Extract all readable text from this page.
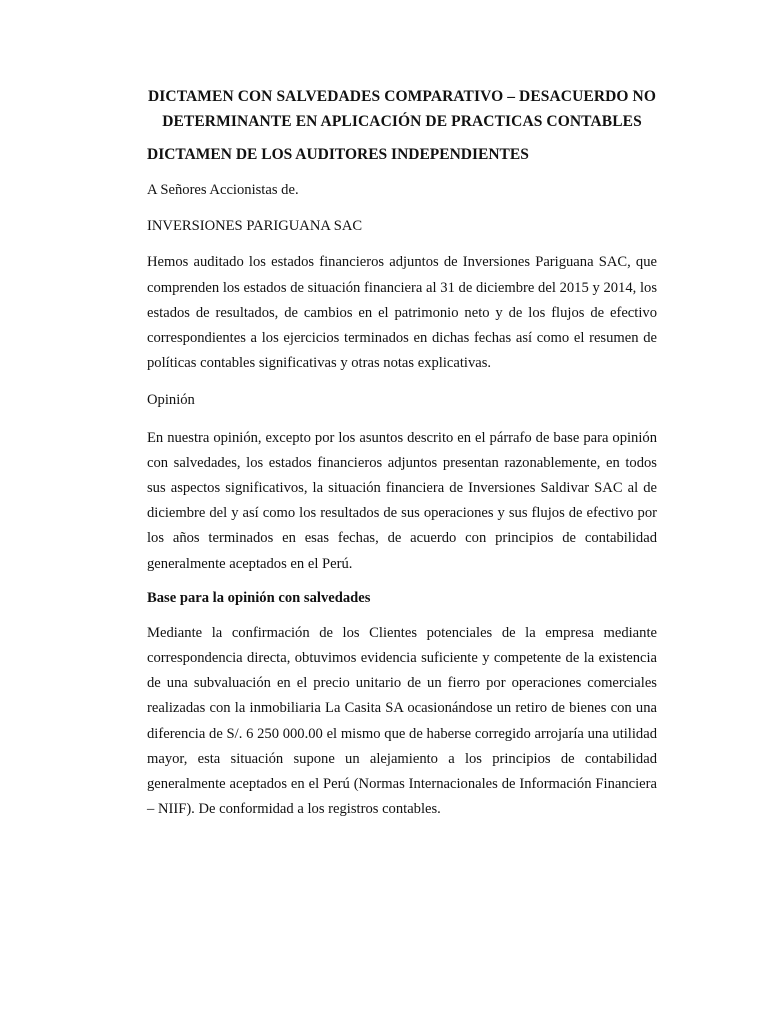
DICTAMEN CON SALVEDADES COMPARATIVO – DESACUERDO NO DETERMINANTE EN APLICACIÓN DE PRACTICAS CONTABLES

DICTAMEN DE LOS AUDITORES INDEPENDIENTES

A Señores Accionistas de.

INVERSIONES PARIGUANA SAC

Hemos auditado los estados financieros adjuntos de Inversiones Pariguana SAC, que comprenden los estados de situación financiera al 31 de diciembre del 2015 y 2014, los estados de resultados, de cambios en el patrimonio neto y de los flujos de efectivo correspondientes a los ejercicios terminados en dichas fechas así como el resumen de políticas contables significativas y otras notas explicativas.

Opinión

En nuestra opinión, excepto por los asuntos descrito en el párrafo de base para opinión con salvedades, los estados financieros adjuntos presentan razonablemente, en todos sus aspectos significativos, la situación financiera de Inversiones Saldivar SAC al de diciembre del y así como los resultados de sus operaciones y sus flujos de efectivo por los años terminados en esas fechas, de acuerdo con principios de contabilidad generalmente aceptados en el Perú.

Base para la opinión con salvedades

Mediante la confirmación de los Clientes potenciales de la empresa mediante correspondencia directa, obtuvimos evidencia suficiente y competente de la existencia de una subvaluación en el precio unitario de un fierro por operaciones comerciales realizadas con la inmobiliaria La Casita SA ocasionándose un retiro de bienes con una diferencia de S/. 6 250 000.00 el mismo que de haberse corregido arrojaría una utilidad mayor, esta situación supone un alejamiento a los principios de contabilidad generalmente aceptados en el Perú (Normas Internacionales de Información Financiera – NIIF). De conformidad a los registros contables.
